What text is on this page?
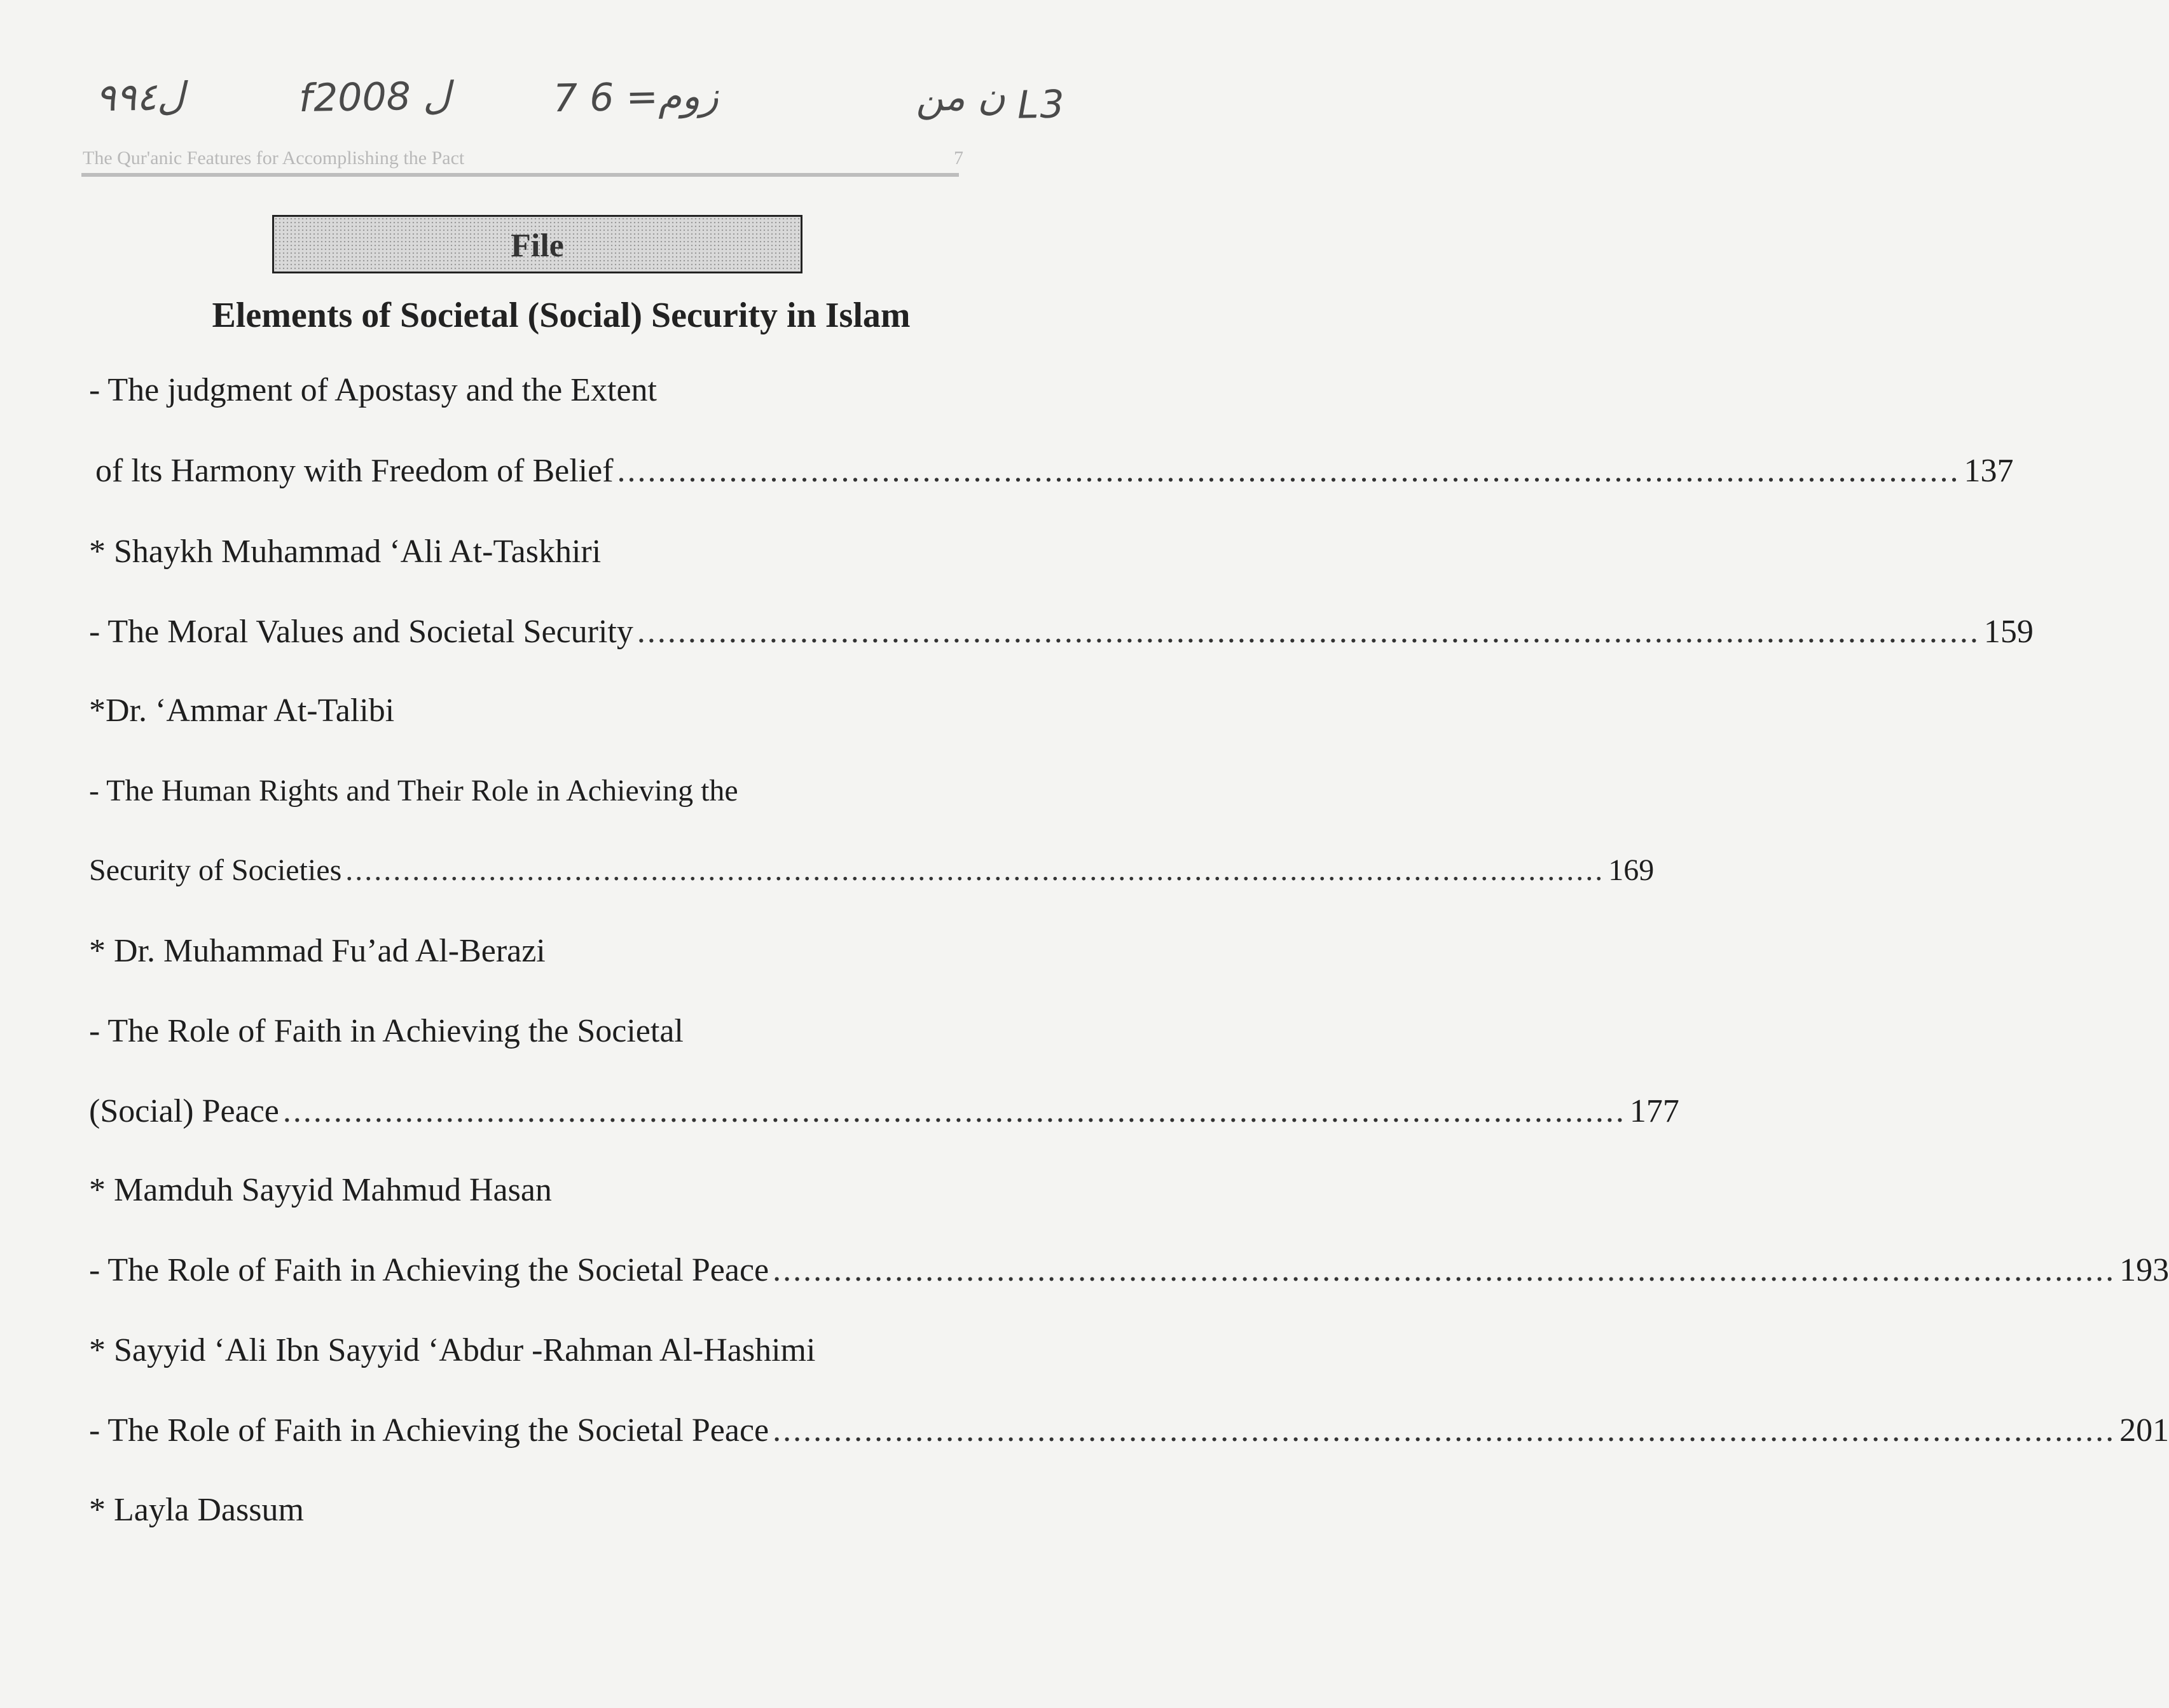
ل٩٩٤	fل 2008	زوم= 6 7	ن من L3
The Qur'anic Features for Accomplishing the Pact	7
File
Elements of Societal (Social) Security in Islam
- The judgment of Apostasy and the Extent
of lts Harmony with Freedom of Belief .................................................................................................................................... 137
* Shaykh Muhammad ‘Ali At-Taskhiri
- The Moral Values and Societal Security .................................................................................................................................... 159
*Dr. ‘Ammar At-Talibi
- The Human Rights and Their Role in Achieving the
Security of Societies .................................................................................................................................... 169
* Dr. Muhammad Fu’ad Al-Berazi
- The Role of Faith in Achieving the Societal
(Social) Peace .................................................................................................................................... 177
* Mamduh Sayyid Mahmud Hasan
- The Role of Faith in Achieving the Societal Peace .................................................................................................................................... 193
* Sayyid ‘Ali Ibn Sayyid ‘Abdur -Rahman Al-Hashimi
- The Role of Faith in Achieving the Societal Peace .................................................................................................................................... 201
* Layla Dassum
